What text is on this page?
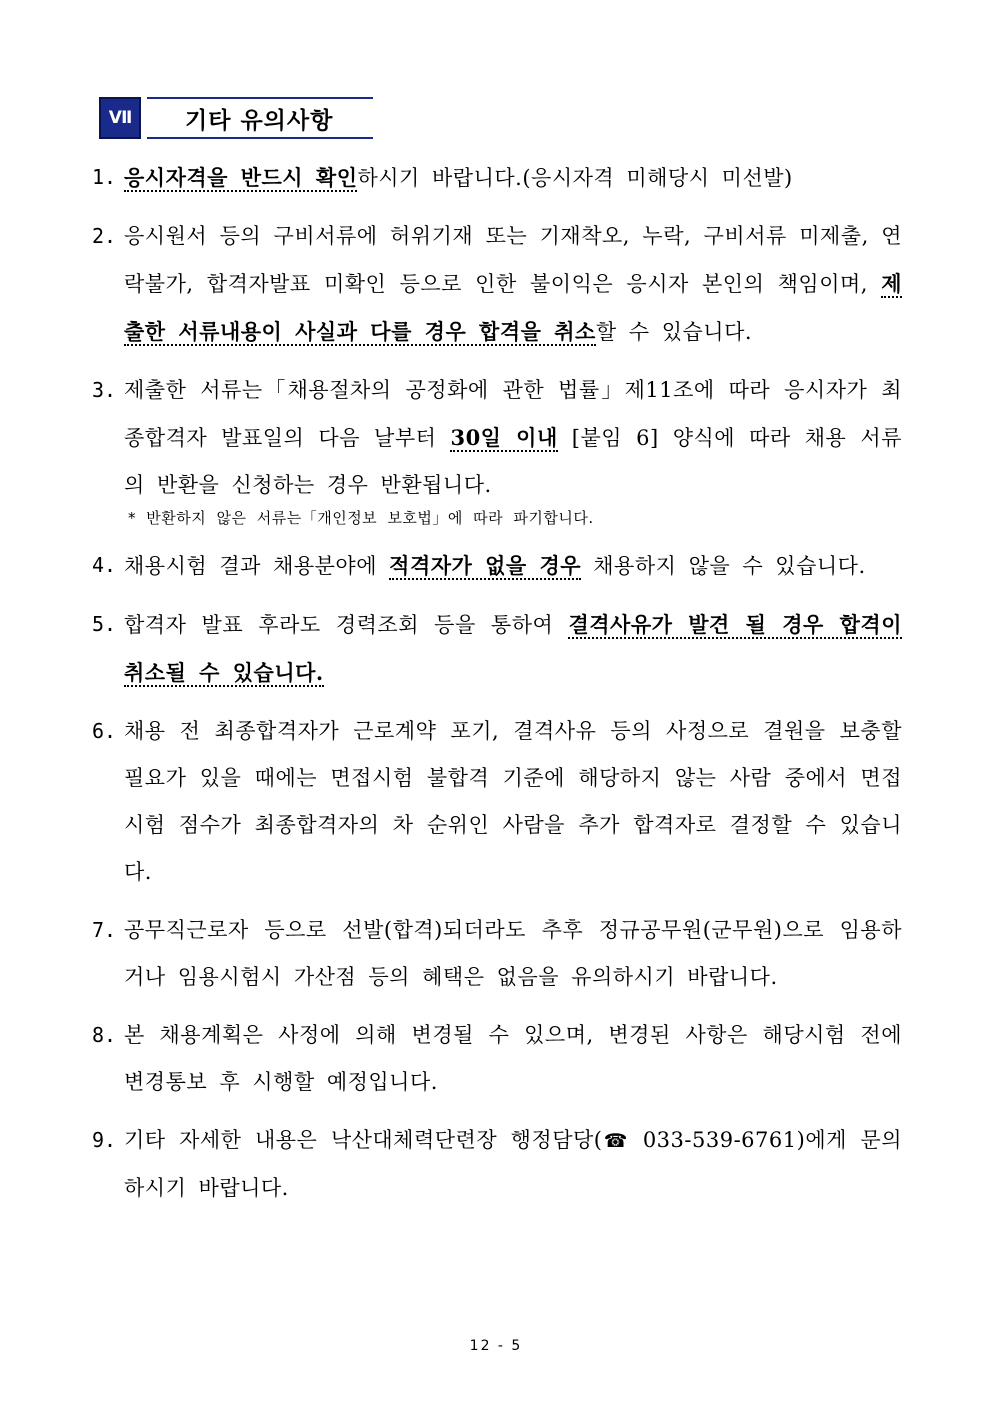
Ⅶ	기타 유의사항
1. 응시자격을 반드시 확인하시기 바랍니다.(응시자격 미해당시 미선발)
2. 응시원서 등의 구비서류에 허위기재 또는 기재착오, 누락, 구비서류 미제출, 연락불가, 합격자발표 미확인 등으로 인한 불이익은 응시자 본인의 책임이며, 제출한 서류내용이 사실과 다를 경우 합격을 취소할 수 있습니다.
3. 제출한 서류는「채용절차의 공정화에 관한 법률」제11조에 따라 응시자가 최종합격자 발표일의 다음 날부터 30일 이내 [붙임 6] 양식에 따라 채용 서류의 반환을 신청하는 경우 반환됩니다.
* 반환하지 않은 서류는「개인정보 보호법」에 따라 파기합니다.
4. 채용시험 결과 채용분야에 적격자가 없을 경우 채용하지 않을 수 있습니다.
5. 합격자 발표 후라도 경력조회 등을 통하여 결격사유가 발견 될 경우 합격이 취소될 수 있습니다.
6. 채용 전 최종합격자가 근로계약 포기, 결격사유 등의 사정으로 결원을 보충할 필요가 있을 때에는 면접시험 불합격 기준에 해당하지 않는 사람 중에서 면접시험 점수가 최종합격자의 차 순위인 사람을 추가 합격자로 결정할 수 있습니다.
7. 공무직근로자 등으로 선발(합격)되더라도 추후 정규공무원(군무원)으로 임용하거나 임용시험시 가산점 등의 혜택은 없음을 유의하시기 바랍니다.
8. 본 채용계획은 사정에 의해 변경될 수 있으며, 변경된 사항은 해당시험 전에 변경통보 후 시행할 예정입니다.
9. 기타 자세한 내용은 낙산대체력단련장 행정담당(☎ 033-539-6761)에게 문의하시기 바랍니다.
12 - 5
